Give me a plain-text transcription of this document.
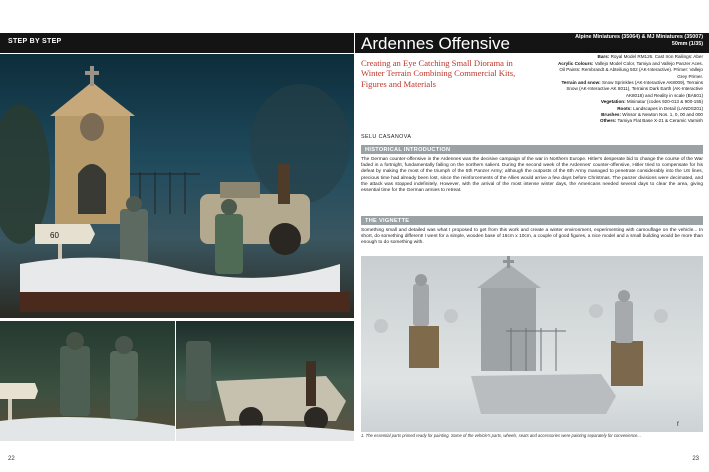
STEP BY STEP
60
22
Ardennes Offensive	Alpine Miniatures (35064) & MJ Miniatures (35007)
50mm (1/35)
Building: Dio Dump Ref DD089. Vehicle: Tamiya (35224)
Bars: Royal Model RM126. Cast Iron Railings: Aber
Acrylic Colours: Vallejo Model Color, Tamiya and Vallejo Panzer Aces. Oil Paints: Rembrandt & Abteilung 502 (AK-Interactive). Primer: Vallejo Grey Primer.
Terrain and snow: Snow Sprinkles (AK-Interactive AK8009), Terrains Snow (AK-Interactive AK 8011), Terrains Dark Earth (AK-Interactive AK8018) and Reality in scale (BA501)
Vegetation: Mininatur (codes 920-013 & 900-155)
Roots: Landscapes in Detail (LANDS201)
Brushes: Winsor & Newton Nos. 1, 0, 00 and 000
Others: Tamiya Flat Base X-21 & Ceramic Varnish
Creating an Eye Catching Small Diorama in Winter Terrain Combining Commercial Kits, Figures and Materials
SELU CASANOVA
HISTORICAL INTRODUCTION
The German counter-offensive in the Ardennes was the decisive campaign of the war in Northern Europe. Hitler's desperate bid to change the course of the War faded in a fortnight, fundamentally failing on the northern salient. During the second week of the Ardennes' counter-offensive, Hitler tried to compensate for his defeat by making the most of the triumph of the 5th Panzer Army; although the outposts of the 6th Army managed to penetrate considerably into the US lines, precious time had already been lost, since the reinforcements of the Allies would arrive a few days before Christmas. The panzer divisions were decimated, and the attack was stopped indefinitely. However, with the arrival of the most intense winter days, the Americans needed several days to clear the area, giving essential time for the German armies to retreat.
THE VIGNETTE
Something small and detailed was what I proposed to get from this work and create a winter environment, experimenting with camouflage on the vehicle... In short, do something different! I went for a simple, wooden base of 16cm x 10cm, a couple of good figures, a nice model and a small building would be more than enough to do something with.
f
1. The essential parts primed ready for painting. Some of the vehicle's parts, wheels, seats and accessories were painting separately for convenience...
23
